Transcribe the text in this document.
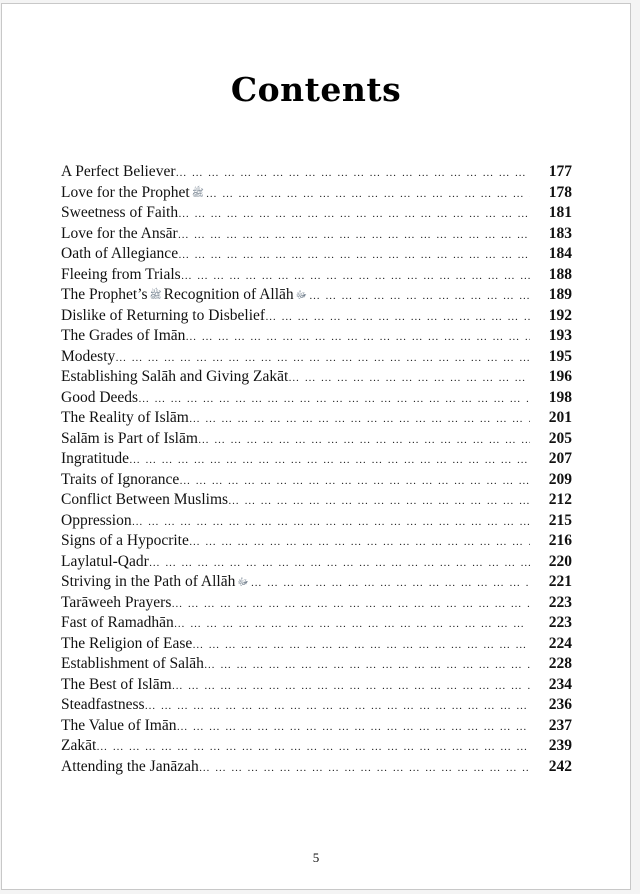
Contents
A Perfect Believer … … … … … … … … … … … … … … … … … … … … … … … … … … … … … … … … … … … … … … … … … … … …	177
Love for the Prophet ﷺ … … … … … … … … … … … … … … … … … … … … … … … … … … … … … … … … … … … … … … … … … … … …	178
Sweetness of Faith … … … … … … … … … … … … … … … … … … … … … … … … … … … … … … … … … … … … … … … … … … … …	181
Love for the Ansār … … … … … … … … … … … … … … … … … … … … … … … … … … … … … … … … … … … … … … … … … … … …	183
Oath of Allegiance … … … … … … … … … … … … … … … … … … … … … … … … … … … … … … … … … … … … … … … … … … … …	184
Fleeing from Trials … … … … … … … … … … … … … … … … … … … … … … … … … … … … … … … … … … … … … … … … … … … …	188
The Prophet’s ﷺ Recognition of Allāh ﷻ … … … … … … … … … … … … … … … … … … … … … … … … … … … … … … … … … … … … … … … … … … … …	189
Dislike of Returning to Disbelief … … … … … … … … … … … … … … … … … … … … … … … … … … … … … … … … … … … … … … … … … … … …	192
The Grades of Imān … … … … … … … … … … … … … … … … … … … … … … … … … … … … … … … … … … … … … … … … … … … …	193
Modesty … … … … … … … … … … … … … … … … … … … … … … … … … … … … … … … … … … … … … … … … … … … …	195
Establishing Salāh and Giving Zakāt … … … … … … … … … … … … … … … … … … … … … … … … … … … … … … … … … … … … … … … … … … … …	196
Good Deeds … … … … … … … … … … … … … … … … … … … … … … … … … … … … … … … … … … … … … … … … … … … …	198
The Reality of Islām … … … … … … … … … … … … … … … … … … … … … … … … … … … … … … … … … … … … … … … … … … … …	201
Salām is Part of Islām … … … … … … … … … … … … … … … … … … … … … … … … … … … … … … … … … … … … … … … … … … … …	205
Ingratitude … … … … … … … … … … … … … … … … … … … … … … … … … … … … … … … … … … … … … … … … … … … …	207
Traits of Ignorance … … … … … … … … … … … … … … … … … … … … … … … … … … … … … … … … … … … … … … … … … … … …	209
Conflict Between Muslims … … … … … … … … … … … … … … … … … … … … … … … … … … … … … … … … … … … … … … … … … … … …	212
Oppression … … … … … … … … … … … … … … … … … … … … … … … … … … … … … … … … … … … … … … … … … … … …	215
Signs of a Hypocrite … … … … … … … … … … … … … … … … … … … … … … … … … … … … … … … … … … … … … … … … … … … …	216
Laylatul-Qadr … … … … … … … … … … … … … … … … … … … … … … … … … … … … … … … … … … … … … … … … … … … …	220
Striving in the Path of Allāh ﷻ … … … … … … … … … … … … … … … … … … … … … … … … … … … … … … … … … … … … … … … … … … … …	221
Tarāweeh Prayers … … … … … … … … … … … … … … … … … … … … … … … … … … … … … … … … … … … … … … … … … … … …	223
Fast of Ramadhān … … … … … … … … … … … … … … … … … … … … … … … … … … … … … … … … … … … … … … … … … … … …	223
The Religion of Ease … … … … … … … … … … … … … … … … … … … … … … … … … … … … … … … … … … … … … … … … … … … …	224
Establishment of Salāh … … … … … … … … … … … … … … … … … … … … … … … … … … … … … … … … … … … … … … … … … … … …	228
The Best of Islām … … … … … … … … … … … … … … … … … … … … … … … … … … … … … … … … … … … … … … … … … … … …	234
Steadfastness … … … … … … … … … … … … … … … … … … … … … … … … … … … … … … … … … … … … … … … … … … … …	236
The Value of Imān … … … … … … … … … … … … … … … … … … … … … … … … … … … … … … … … … … … … … … … … … … … …	237
Zakāt … … … … … … … … … … … … … … … … … … … … … … … … … … … … … … … … … … … … … … … … … … … …	239
Attending the Janāzah … … … … … … … … … … … … … … … … … … … … … … … … … … … … … … … … … … … … … … … … … … … …	242
5
